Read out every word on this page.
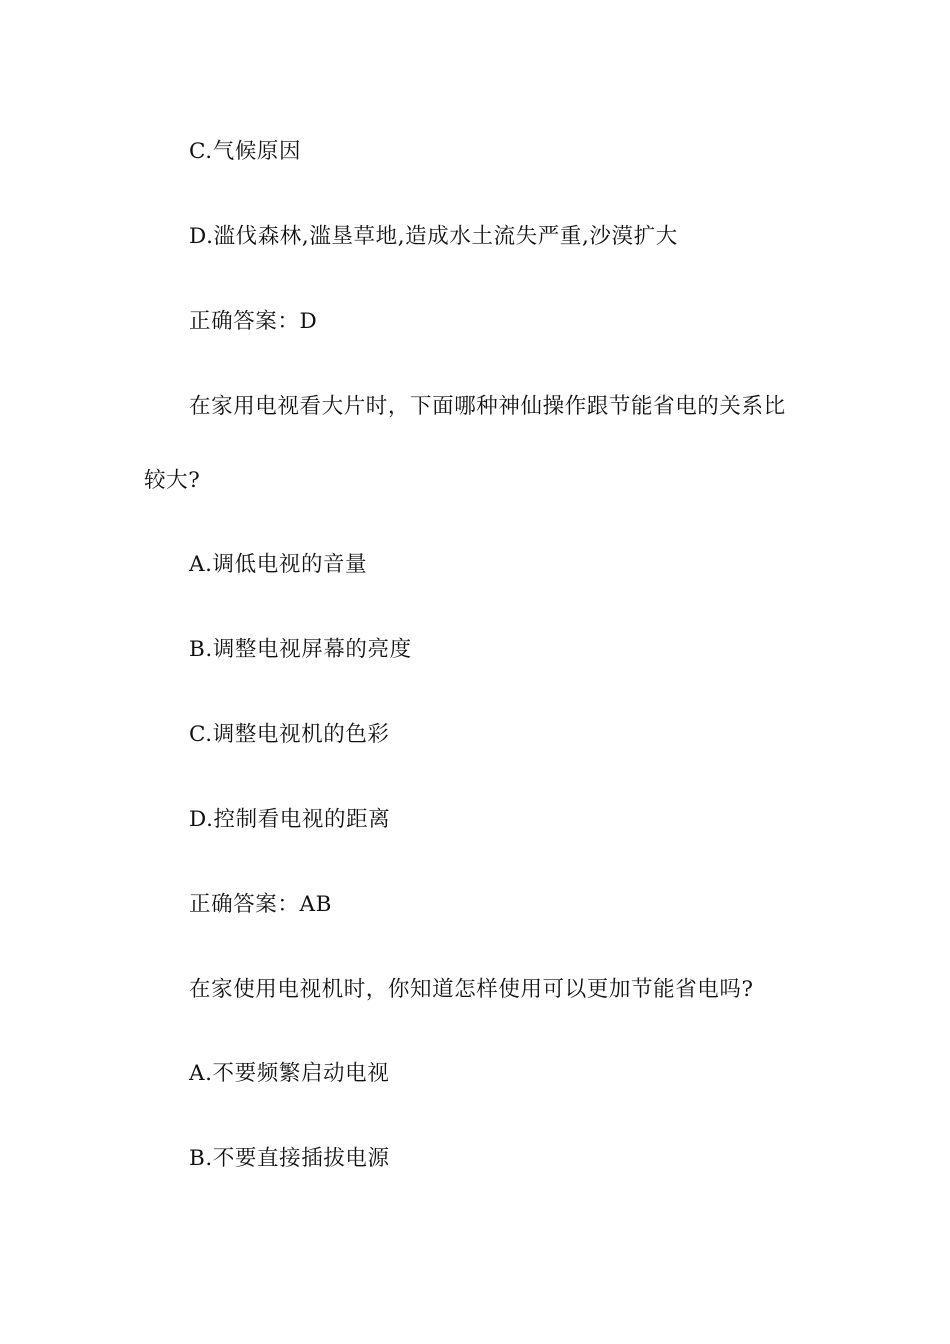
C.气候原因
D.滥伐森林,滥垦草地,造成水土流失严重,沙漠扩大
正确答案：D
在家用电视看大片时，下面哪种神仙操作跟节能省电的关系比
较大?
A.调低电视的音量
B.调整电视屏幕的亮度
C.调整电视机的色彩
D.控制看电视的距离
正确答案：AB
在家使用电视机时，你知道怎样使用可以更加节能省电吗?
A.不要频繁启动电视
B.不要直接插拔电源
